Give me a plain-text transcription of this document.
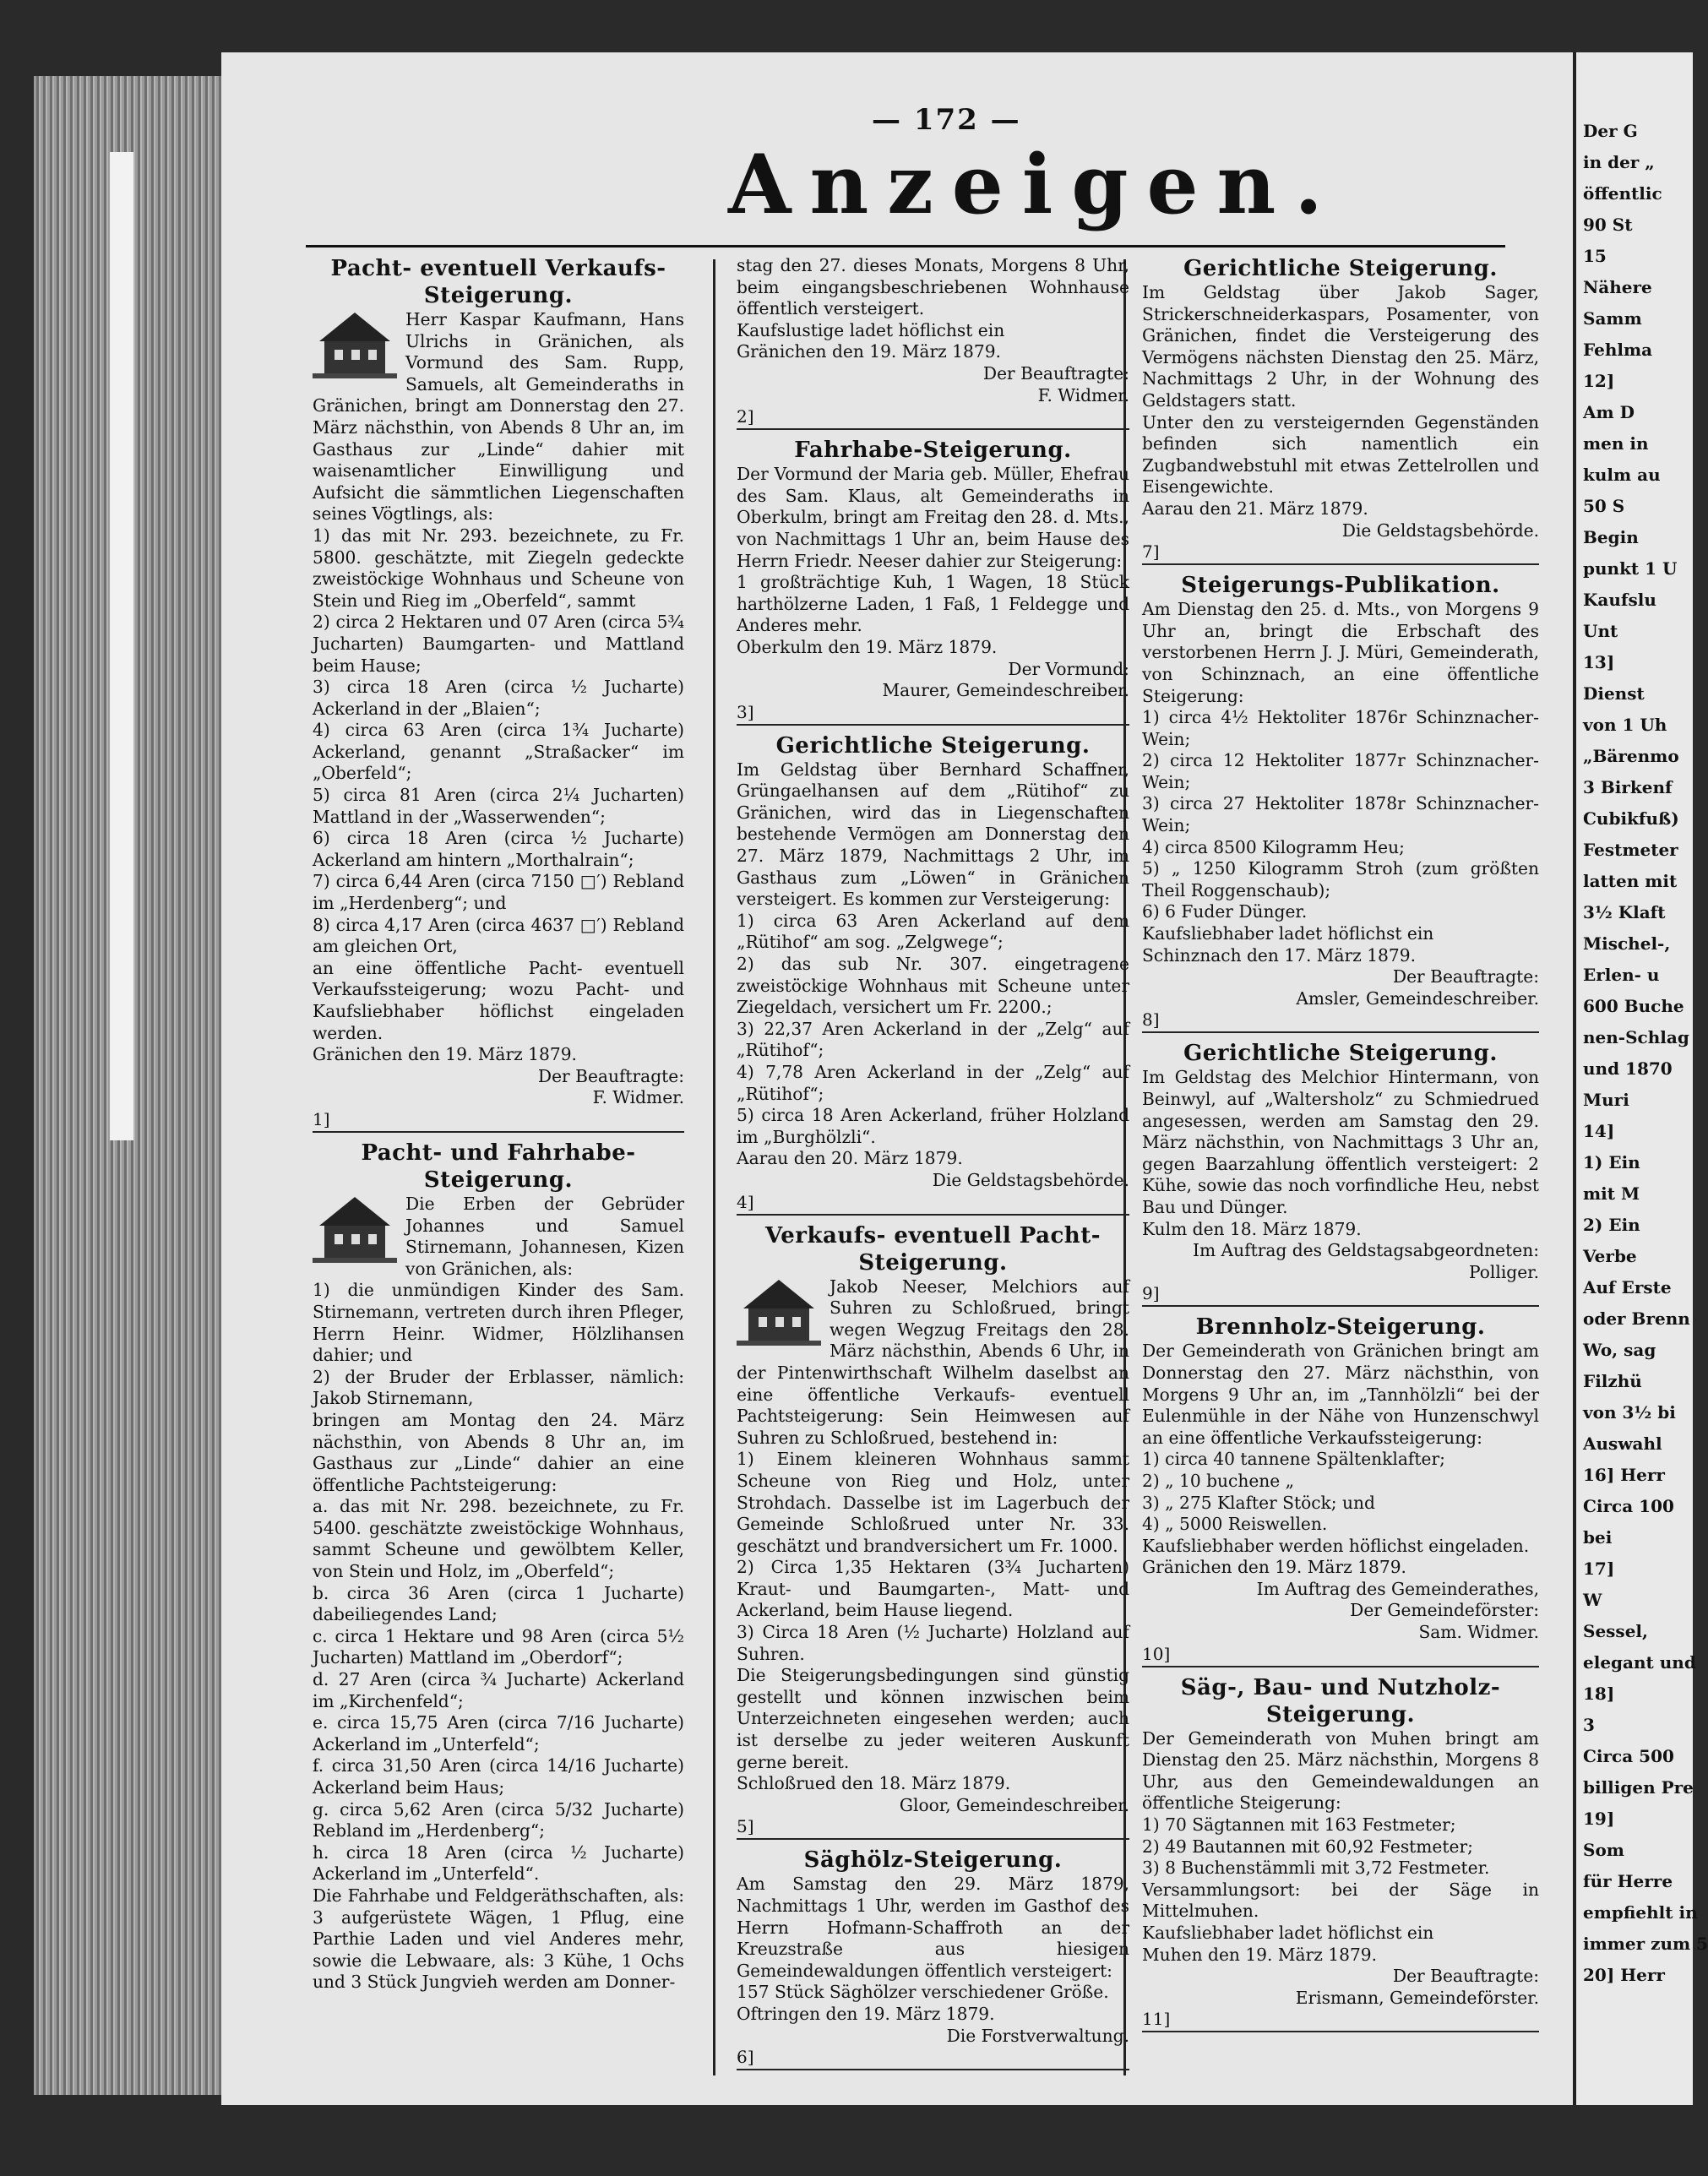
— 172 —
Anzeigen.
Pacht- eventuell Verkaufs-
Steigerung.
Herr Kaspar Kaufmann, Hans Ulrichs in Gränichen, als Vormund des Sam. Rupp, Samuels, alt Gemeinderaths in Gränichen, bringt am Donnerstag den 27. März nächsthin, von Abends 8 Uhr an, im Gasthaus zur „Linde“ dahier mit waisenamtlicher Einwilligung und Aufsicht die sämmtlichen Liegenschaften seines Vögtlings, als:
1) das mit Nr. 293. bezeichnete, zu Fr. 5800. geschätzte, mit Ziegeln gedeckte zweistöckige Wohnhaus und Scheune von Stein und Rieg im „Oberfeld“, sammt
2) circa 2 Hektaren und 07 Aren (circa 5¾ Jucharten) Baumgarten- und Mattland beim Hause;
3) circa 18 Aren (circa ½ Jucharte) Ackerland in der „Blaien“;
4) circa 63 Aren (circa 1¾ Jucharte) Ackerland, genannt „Straßacker“ im „Oberfeld“;
5) circa 81 Aren (circa 2¼ Jucharten) Mattland in der „Wasserwenden“;
6) circa 18 Aren (circa ½ Jucharte) Ackerland am hintern „Morthalrain“;
7) circa 6,44 Aren (circa 7150 □′) Rebland im „Herdenberg“; und
8) circa 4,17 Aren (circa 4637 □′) Rebland am gleichen Ort,
an eine öffentliche Pacht- eventuell Verkaufssteigerung; wozu Pacht- und Kaufsliebhaber höflichst eingeladen werden.
Gränichen den 19. März 1879.
Der Beauftragte:
F. Widmer.
1]
Pacht- und Fahrhabe-Steigerung.
Die Erben der Gebrüder Johannes und Samuel Stirnemann, Johannesen, Kizen von Gränichen, als:
1) die unmündigen Kinder des Sam. Stirnemann, vertreten durch ihren Pfleger, Herrn Heinr. Widmer, Hölzlihansen dahier; und
2) der Bruder der Erblasser, nämlich: Jakob Stirnemann,
bringen am Montag den 24. März nächsthin, von Abends 8 Uhr an, im Gasthaus zur „Linde“ dahier an eine öffentliche Pachtsteigerung:
a. das mit Nr. 298. bezeichnete, zu Fr. 5400. geschätzte zweistöckige Wohnhaus, sammt Scheune und gewölbtem Keller, von Stein und Holz, im „Oberfeld“;
b. circa 36 Aren (circa 1 Jucharte) dabeiliegendes Land;
c. circa 1 Hektare und 98 Aren (circa 5½ Jucharten) Mattland im „Oberdorf“;
d. 27 Aren (circa ¾ Jucharte) Ackerland im „Kirchenfeld“;
e. circa 15,75 Aren (circa 7/16 Jucharte) Ackerland im „Unterfeld“;
f. circa 31,50 Aren (circa 14/16 Jucharte) Ackerland beim Haus;
g. circa 5,62 Aren (circa 5/32 Jucharte) Rebland im „Herdenberg“;
h. circa 18 Aren (circa ½ Jucharte) Ackerland im „Unterfeld“.
Die Fahrhabe und Feldgeräthschaften, als: 3 aufgerüstete Wägen, 1 Pflug, eine Parthie Laden und viel Anderes mehr, sowie die Lebwaare, als: 3 Kühe, 1 Ochs und 3 Stück Jungvieh werden am Donner-
stag den 27. dieses Monats, Morgens 8 Uhr, beim eingangsbeschriebenen Wohnhause öffentlich versteigert.
Kaufslustige ladet höflichst ein
Gränichen den 19. März 1879.
Der Beauftragte:
F. Widmer.
2]
Fahrhabe-Steigerung.
Der Vormund der Maria geb. Müller, Ehefrau des Sam. Klaus, alt Gemeinderaths in Oberkulm, bringt am Freitag den 28. d. Mts., von Nachmittags 1 Uhr an, beim Hause des Herrn Friedr. Neeser dahier zur Steigerung:
1 großträchtige Kuh, 1 Wagen, 18 Stück harthölzerne Laden, 1 Faß, 1 Feldegge und Anderes mehr.
Oberkulm den 19. März 1879.
Der Vormund:
Maurer, Gemeindeschreiber.
3]
Gerichtliche Steigerung.
Im Geldstag über Bernhard Schaffner, Grüngaelhansen auf dem „Rütihof“ zu Gränichen, wird das in Liegenschaften bestehende Vermögen am Donnerstag den 27. März 1879, Nachmittags 2 Uhr, im Gasthaus zum „Löwen“ in Gränichen versteigert. Es kommen zur Versteigerung:
1) circa 63 Aren Ackerland auf dem „Rütihof“ am sog. „Zelgwege“;
2) das sub Nr. 307. eingetragene zweistöckige Wohnhaus mit Scheune unter Ziegeldach, versichert um Fr. 2200.;
3) 22,37 Aren Ackerland in der „Zelg“ auf „Rütihof“;
4) 7,78 Aren Ackerland in der „Zelg“ auf „Rütihof“;
5) circa 18 Aren Ackerland, früher Holzland im „Burghölzli“.
Aarau den 20. März 1879.
Die Geldstagsbehörde.
4]
Verkaufs- eventuell Pacht-
Steigerung.
Jakob Neeser, Melchiors auf Suhren zu Schloßrued, bringt wegen Wegzug Freitags den 28. März nächsthin, Abends 6 Uhr, in der Pintenwirthschaft Wilhelm daselbst an eine öffentliche Verkaufs- eventuell Pachtsteigerung: Sein Heimwesen auf Suhren zu Schloßrued, bestehend in:
1) Einem kleineren Wohnhaus sammt Scheune von Rieg und Holz, unter Strohdach. Dasselbe ist im Lagerbuch der Gemeinde Schloßrued unter Nr. 33. geschätzt und brandversichert um Fr. 1000.
2) Circa 1,35 Hektaren (3¾ Jucharten) Kraut- und Baumgarten-, Matt- und Ackerland, beim Hause liegend.
3) Circa 18 Aren (½ Jucharte) Holzland auf Suhren.
Die Steigerungsbedingungen sind günstig gestellt und können inzwischen beim Unterzeichneten eingesehen werden; auch ist derselbe zu jeder weiteren Auskunft gerne bereit.
Schloßrued den 18. März 1879.
Gloor, Gemeindeschreiber.
5]
Säghölz-Steigerung.
Am Samstag den 29. März 1879, Nachmittags 1 Uhr, werden im Gasthof des Herrn Hofmann-Schaffroth an der Kreuzstraße aus hiesigen Gemeindewaldungen öffentlich versteigert:
157 Stück Säghölzer verschiedener Größe.
Oftringen den 19. März 1879.
Die Forstverwaltung.
6]
Gerichtliche Steigerung.
Im Geldstag über Jakob Sager, Strickerschneiderkaspars, Posamenter, von Gränichen, findet die Versteigerung des Vermögens nächsten Dienstag den 25. März, Nachmittags 2 Uhr, in der Wohnung des Geldstagers statt.
Unter den zu versteigernden Gegenständen befinden sich namentlich ein Zugbandwebstuhl mit etwas Zettelrollen und Eisengewichte.
Aarau den 21. März 1879.
Die Geldstagsbehörde.
7]
Steigerungs-Publikation.
Am Dienstag den 25. d. Mts., von Morgens 9 Uhr an, bringt die Erbschaft des verstorbenen Herrn J. J. Müri, Gemeinderath, von Schinznach, an eine öffentliche Steigerung:
1) circa 4½ Hektoliter 1876r Schinznacher-Wein;
2) circa 12 Hektoliter 1877r Schinznacher-Wein;
3) circa 27 Hektoliter 1878r Schinznacher-Wein;
4) circa 8500 Kilogramm Heu;
5) „ 1250 Kilogramm Stroh (zum größten Theil Roggenschaub);
6) 6 Fuder Dünger.
Kaufsliebhaber ladet höflichst ein
Schinznach den 17. März 1879.
Der Beauftragte:
Amsler, Gemeindeschreiber.
8]
Gerichtliche Steigerung.
Im Geldstag des Melchior Hintermann, von Beinwyl, auf „Waltersholz“ zu Schmiedrued angesessen, werden am Samstag den 29. März nächsthin, von Nachmittags 3 Uhr an, gegen Baarzahlung öffentlich versteigert: 2 Kühe, sowie das noch vorfindliche Heu, nebst Bau und Dünger.
Kulm den 18. März 1879.
Im Auftrag des Geldstagsabgeordneten:
Polliger.
9]
Brennholz-Steigerung.
Der Gemeinderath von Gränichen bringt am Donnerstag den 27. März nächsthin, von Morgens 9 Uhr an, im „Tannhölzli“ bei der Eulenmühle in der Nähe von Hunzenschwyl an eine öffentliche Verkaufssteigerung:
1) circa 40 tannene Spältenklafter;
2) „ 10 buchene „
3) „ 275 Klafter Stöck; und
4) „ 5000 Reiswellen.
Kaufsliebhaber werden höflichst eingeladen.
Gränichen den 19. März 1879.
Im Auftrag des Gemeinderathes,
Der Gemeindeförster:
Sam. Widmer.
10]
Säg-, Bau- und Nutzholz-
Steigerung.
Der Gemeinderath von Muhen bringt am Dienstag den 25. März nächsthin, Morgens 8 Uhr, aus den Gemeindewaldungen an öffentliche Steigerung:
1) 70 Sägtannen mit 163 Festmeter;
2) 49 Bautannen mit 60,92 Festmeter;
3) 8 Buchenstämmli mit 3,72 Festmeter.
Versammlungsort: bei der Säge in Mittelmuhen.
Kaufsliebhaber ladet höflichst ein
Muhen den 19. März 1879.
Der Beauftragte:
Erismann, Gemeindeförster.
11]
Der G
in der „
öffentlic
90 St
15
Nähere
Samm
Fehlma
12]
Am D
men in
kulm au
50 S
Begin
punkt 1 U
Kaufslu
Unt
13]
Dienst
von 1 Uh
„Bärenmo
3 Birkenf
Cubikfuß)
Festmeter
latten mit
3½ Klaft
Mischel-,
Erlen- u
600 Buche
nen-Schlag
und 1870
Muri
14]
1) Ein
mit M
2) Ein
Verbe
Auf Erste
oder Brenn
Wo, sag
Filzhü
von 3½ bi
Auswahl
16] Herr
Circa 100
bei
17]
W
Sessel,
elegant und
18]
3
Circa 500
billigen Pre
19]
Som
für Herre
empfiehlt in
immer zum 5
20] Herr
